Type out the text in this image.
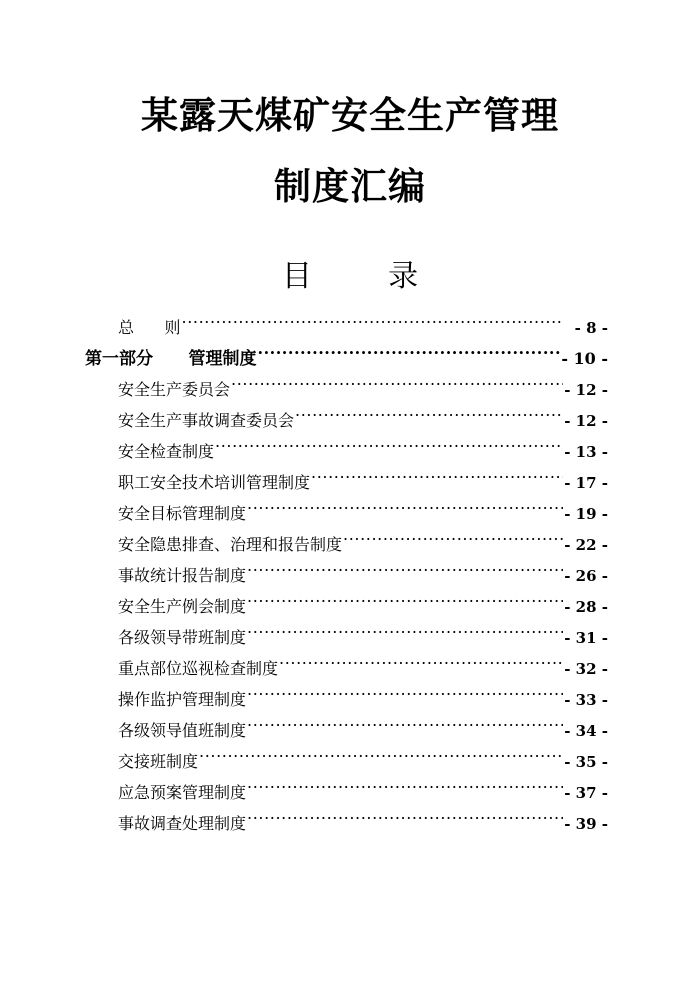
某露天煤矿安全生产管理
制度汇编
目        录
总      则 .....	- 8 -
第一部分      管理制度 .....	- 10 -
安全生产委员会 .....	- 12 -
安全生产事故调查委员会 .....	- 12 -
安全检查制度 .....	- 13 -
职工安全技术培训管理制度 .....	- 17 -
安全目标管理制度 .....	- 19 -
安全隐患排查、治理和报告制度 .....	- 22 -
事故统计报告制度 .....	- 26 -
安全生产例会制度 .....	- 28 -
各级领导带班制度 .....	- 31 -
重点部位巡视检查制度 .....	- 32 -
操作监护管理制度 .....	- 33 -
各级领导值班制度 .....	- 34 -
交接班制度 .....	- 35 -
应急预案管理制度 .....	- 37 -
事故调查处理制度 .....	- 39 -
